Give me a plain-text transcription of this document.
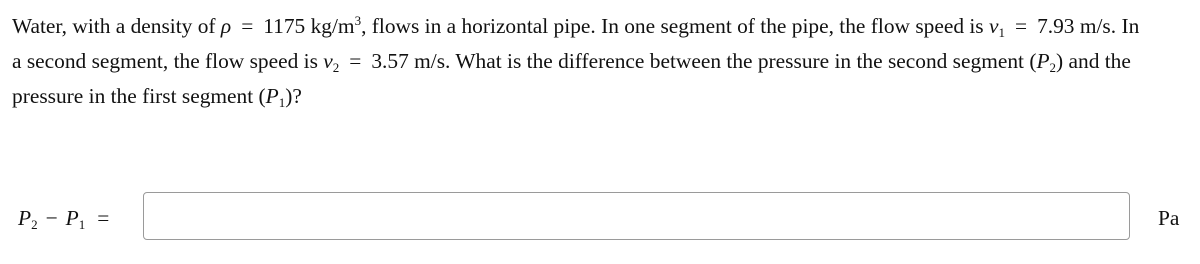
Water, with a density of ρ = 1175 $kg/m^3$, flows in a horizontal pipe. In one segment of the pipe, the flow speed is $v_1 = 7.93$ m/s. In
a second segment, the flow speed is $v_2 = 3.57$ m/s. What is the difference between the pressure in the second segment $(P_2)$ and the
pressure in the first segment $(P_1)$?
$P_2 - P_1$ =	Pa
